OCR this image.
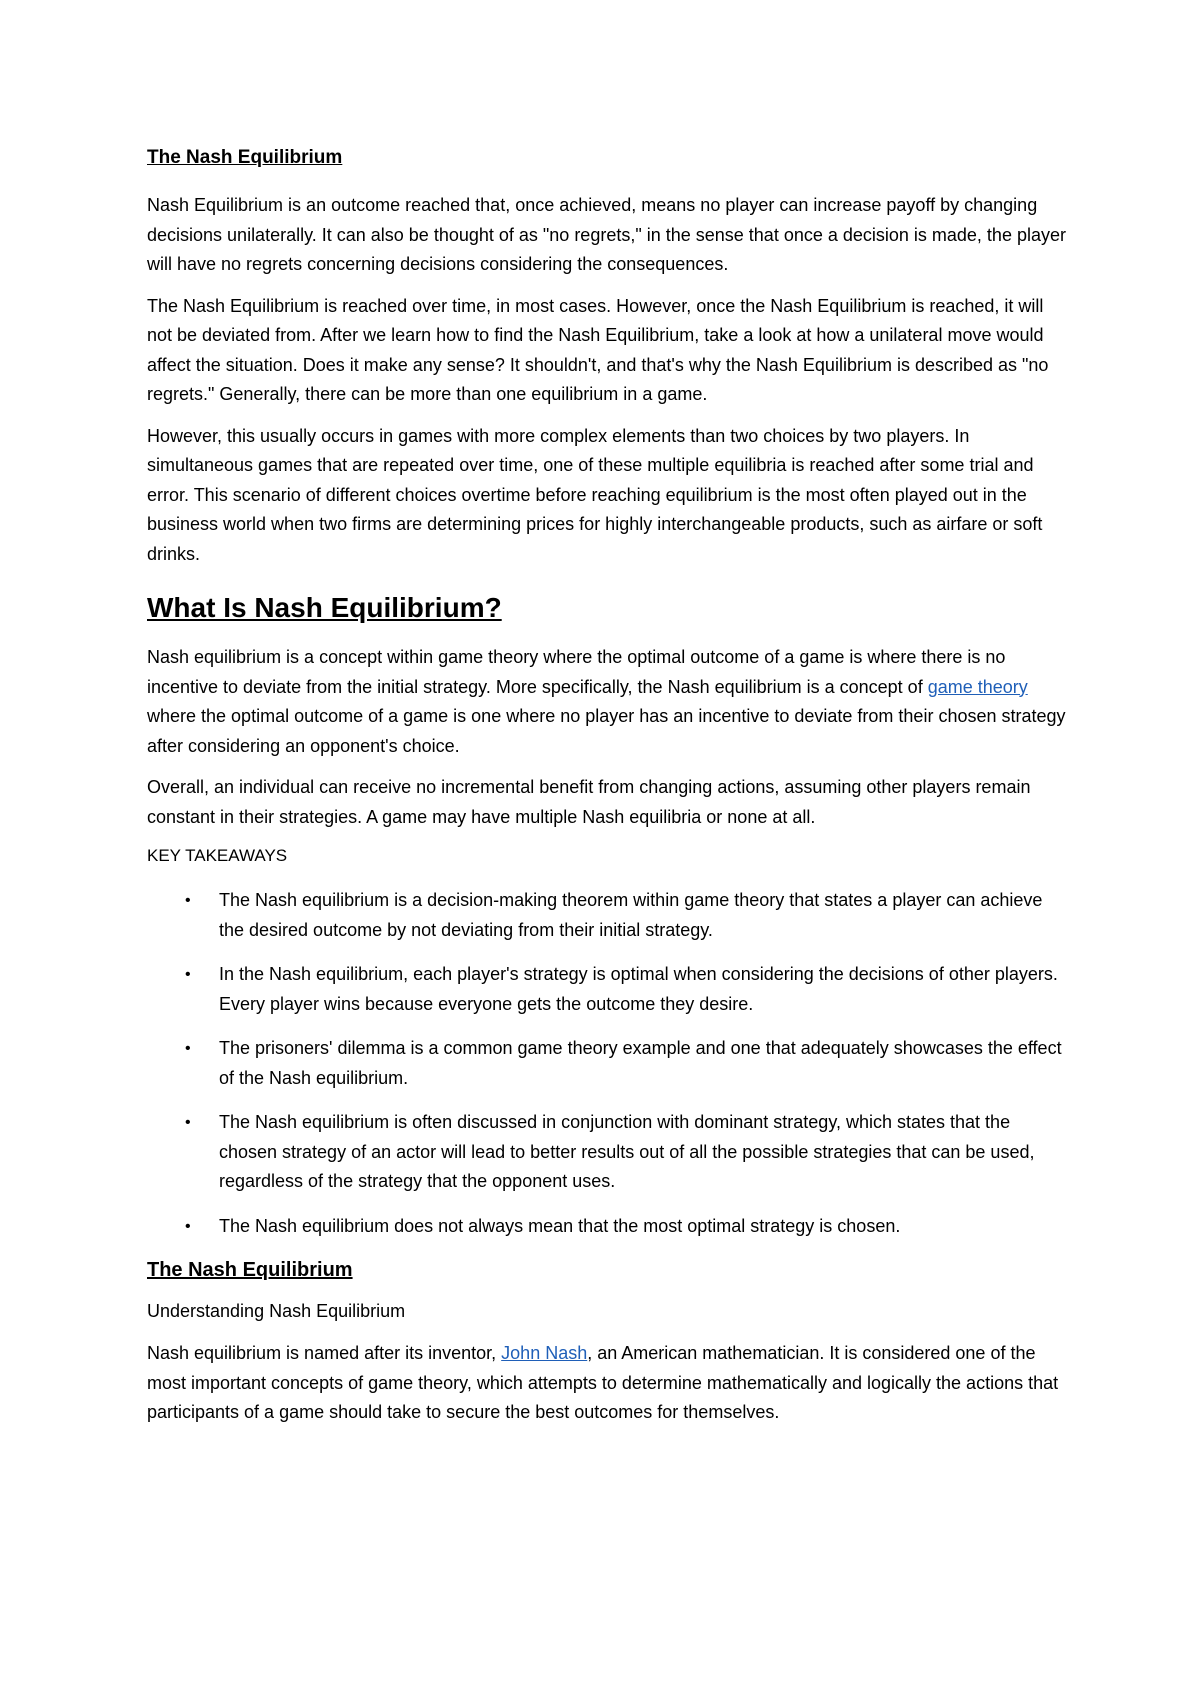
The Nash Equilibrium

Nash Equilibrium is an outcome reached that, once achieved, means no player can increase payoff by changing decisions unilaterally. It can also be thought of as "no regrets," in the sense that once a decision is made, the player will have no regrets concerning decisions considering the consequences.

The Nash Equilibrium is reached over time, in most cases. However, once the Nash Equilibrium is reached, it will not be deviated from. After we learn how to find the Nash Equilibrium, take a look at how a unilateral move would affect the situation. Does it make any sense? It shouldn't, and that's why the Nash Equilibrium is described as "no regrets." Generally, there can be more than one equilibrium in a game.

However, this usually occurs in games with more complex elements than two choices by two players. In simultaneous games that are repeated over time, one of these multiple equilibria is reached after some trial and error. This scenario of different choices overtime before reaching equilibrium is the most often played out in the business world when two firms are determining prices for highly interchangeable products, such as airfare or soft drinks.

What Is Nash Equilibrium?

Nash equilibrium is a concept within game theory where the optimal outcome of a game is where there is no incentive to deviate from the initial strategy. More specifically, the Nash equilibrium is a concept of game theory where the optimal outcome of a game is one where no player has an incentive to deviate from their chosen strategy after considering an opponent's choice.

Overall, an individual can receive no incremental benefit from changing actions, assuming other players remain constant in their strategies. A game may have multiple Nash equilibria or none at all.

KEY TAKEAWAYS
• The Nash equilibrium is a decision-making theorem within game theory that states a player can achieve the desired outcome by not deviating from their initial strategy.
• In the Nash equilibrium, each player's strategy is optimal when considering the decisions of other players. Every player wins because everyone gets the outcome they desire.
• The prisoners' dilemma is a common game theory example and one that adequately showcases the effect of the Nash equilibrium.
• The Nash equilibrium is often discussed in conjunction with dominant strategy, which states that the chosen strategy of an actor will lead to better results out of all the possible strategies that can be used, regardless of the strategy that the opponent uses.
• The Nash equilibrium does not always mean that the most optimal strategy is chosen.
The Nash Equilibrium
Understanding Nash Equilibrium

Nash equilibrium is named after its inventor, John Nash, an American mathematician. It is considered one of the most important concepts of game theory, which attempts to determine mathematically and logically the actions that participants of a game should take to secure the best outcomes for themselves.
